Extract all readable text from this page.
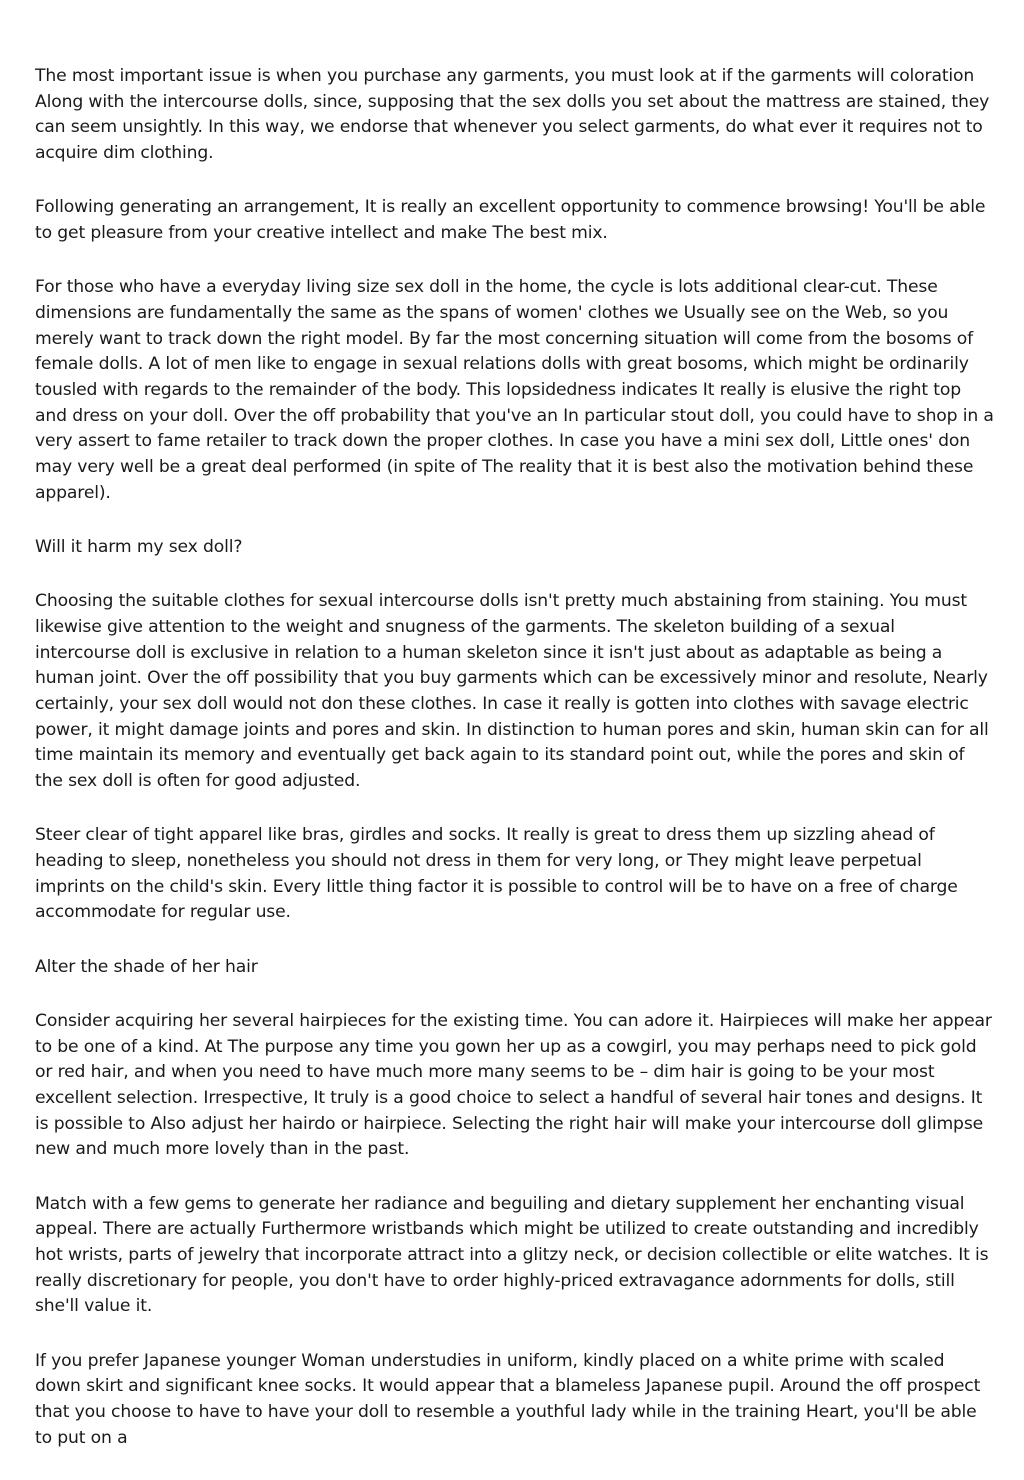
The most important issue is when you purchase any garments, you must look at if the garments will coloration Along with the intercourse dolls, since, supposing that the sex dolls you set about the mattress are stained, they can seem unsightly. In this way, we endorse that whenever you select garments, do what ever it requires not to acquire dim clothing.

Following generating an arrangement, It is really an excellent opportunity to commence browsing! You'll be able to get pleasure from your creative intellect and make The best mix.

For those who have a everyday living size sex doll in the home, the cycle is lots additional clear-cut. These dimensions are fundamentally the same as the spans of women' clothes we Usually see on the Web, so you merely want to track down the right model. By far the most concerning situation will come from the bosoms of female dolls. A lot of men like to engage in sexual relations dolls with great bosoms, which might be ordinarily tousled with regards to the remainder of the body. This lopsidedness indicates It really is elusive the right top and dress on your doll. Over the off probability that you've an In particular stout doll, you could have to shop in a very assert to fame retailer to track down the proper clothes. In case you have a mini sex doll, Little ones' don may very well be a great deal performed (in spite of The reality that it is best also the motivation behind these apparel).

Will it harm my sex doll?

Choosing the suitable clothes for sexual intercourse dolls isn't pretty much abstaining from staining. You must likewise give attention to the weight and snugness of the garments. The skeleton building of a sexual intercourse doll is exclusive in relation to a human skeleton since it isn't just about as adaptable as being a human joint. Over the off possibility that you buy garments which can be excessively minor and resolute, Nearly certainly, your sex doll would not don these clothes. In case it really is gotten into clothes with savage electric power, it might damage joints and pores and skin. In distinction to human pores and skin, human skin can for all time maintain its memory and eventually get back again to its standard point out, while the pores and skin of the sex doll is often for good adjusted.

Steer clear of tight apparel like bras, girdles and socks. It really is great to dress them up sizzling ahead of heading to sleep, nonetheless you should not dress in them for very long, or They might leave perpetual imprints on the child's skin. Every little thing factor it is possible to control will be to have on a free of charge accommodate for regular use.

Alter the shade of her hair

Consider acquiring her several hairpieces for the existing time. You can adore it. Hairpieces will make her appear to be one of a kind. At The purpose any time you gown her up as a cowgirl, you may perhaps need to pick gold or red hair, and when you need to have much more many seems to be – dim hair is going to be your most excellent selection. Irrespective, It truly is a good choice to select a handful of several hair tones and designs. It is possible to Also adjust her hairdo or hairpiece. Selecting the right hair will make your intercourse doll glimpse new and much more lovely than in the past.

Match with a few gems to generate her radiance and beguiling and dietary supplement her enchanting visual appeal. There are actually Furthermore wristbands which might be utilized to create outstanding and incredibly hot wrists, parts of jewelry that incorporate attract into a glitzy neck, or decision collectible or elite watches. It is really discretionary for people, you don't have to order highly-priced extravagance adornments for dolls, still she'll value it.

If you prefer Japanese younger Woman understudies in uniform, kindly placed on a white prime with scaled down skirt and significant knee socks. It would appear that a blameless Japanese pupil. Around the off prospect that you choose to have to have your doll to resemble a youthful lady while in the training Heart, you'll be able to put on a
